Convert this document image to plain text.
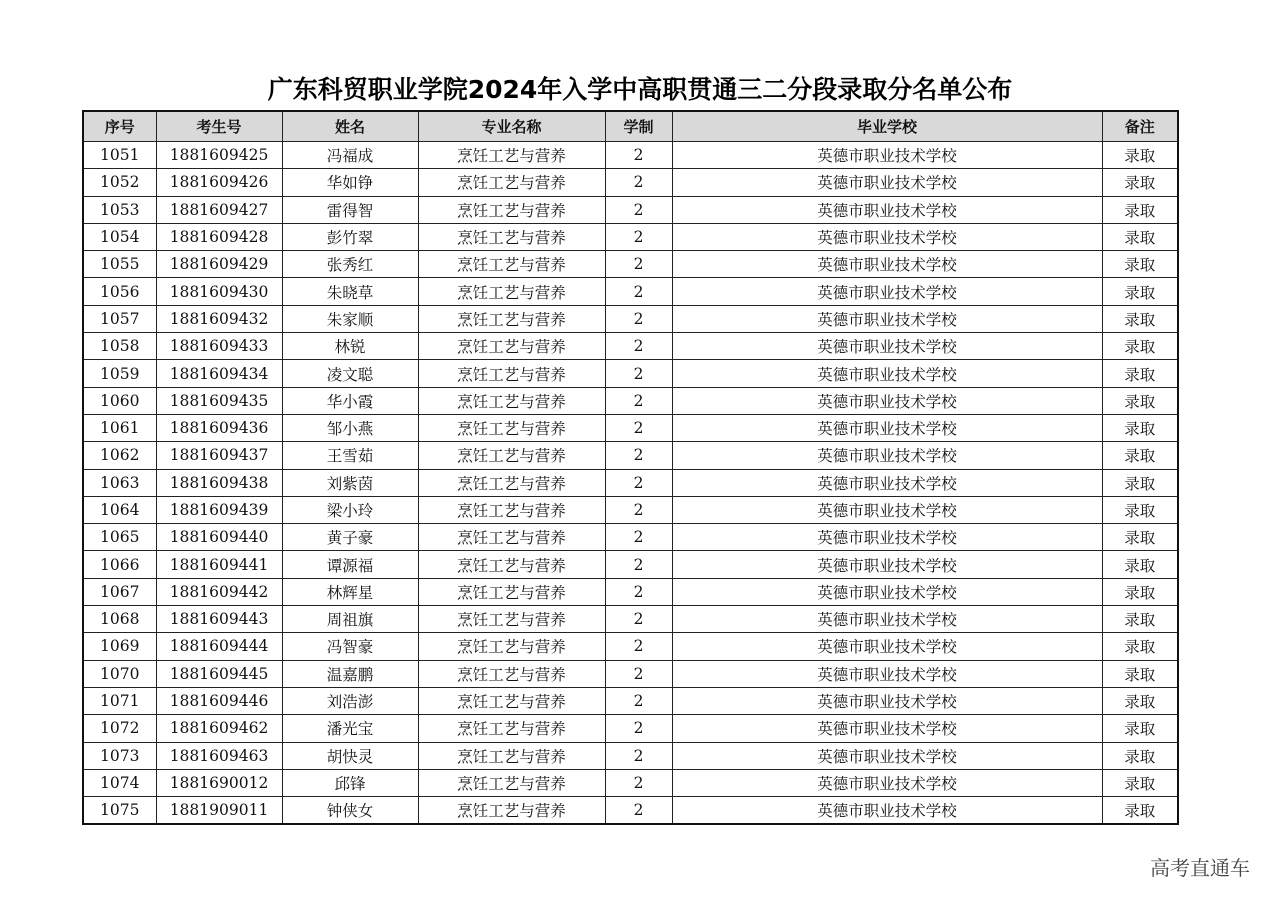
广东科贸职业学院2024年入学中高职贯通三二分段录取分名单公布
序号	考生号	姓名	专业名称	学制	毕业学校	备注
1051	1881609425	冯福成	烹饪工艺与营养	2	英德市职业技术学校	录取
1052	1881609426	华如铮	烹饪工艺与营养	2	英德市职业技术学校	录取
1053	1881609427	雷得智	烹饪工艺与营养	2	英德市职业技术学校	录取
1054	1881609428	彭竹翠	烹饪工艺与营养	2	英德市职业技术学校	录取
1055	1881609429	张秀红	烹饪工艺与营养	2	英德市职业技术学校	录取
1056	1881609430	朱晓草	烹饪工艺与营养	2	英德市职业技术学校	录取
1057	1881609432	朱家顺	烹饪工艺与营养	2	英德市职业技术学校	录取
1058	1881609433	林锐	烹饪工艺与营养	2	英德市职业技术学校	录取
1059	1881609434	凌文聪	烹饪工艺与营养	2	英德市职业技术学校	录取
1060	1881609435	华小霞	烹饪工艺与营养	2	英德市职业技术学校	录取
1061	1881609436	邹小燕	烹饪工艺与营养	2	英德市职业技术学校	录取
1062	1881609437	王雪茹	烹饪工艺与营养	2	英德市职业技术学校	录取
1063	1881609438	刘紫茵	烹饪工艺与营养	2	英德市职业技术学校	录取
1064	1881609439	梁小玲	烹饪工艺与营养	2	英德市职业技术学校	录取
1065	1881609440	黄子豪	烹饪工艺与营养	2	英德市职业技术学校	录取
1066	1881609441	谭源福	烹饪工艺与营养	2	英德市职业技术学校	录取
1067	1881609442	林辉星	烹饪工艺与营养	2	英德市职业技术学校	录取
1068	1881609443	周祖旗	烹饪工艺与营养	2	英德市职业技术学校	录取
1069	1881609444	冯智豪	烹饪工艺与营养	2	英德市职业技术学校	录取
1070	1881609445	温嘉鹏	烹饪工艺与营养	2	英德市职业技术学校	录取
1071	1881609446	刘浩澎	烹饪工艺与营养	2	英德市职业技术学校	录取
1072	1881609462	潘光宝	烹饪工艺与营养	2	英德市职业技术学校	录取
1073	1881609463	胡快灵	烹饪工艺与营养	2	英德市职业技术学校	录取
1074	1881690012	邱锋	烹饪工艺与营养	2	英德市职业技术学校	录取
1075	1881909011	钟侠女	烹饪工艺与营养	2	英德市职业技术学校	录取
高考直通车
